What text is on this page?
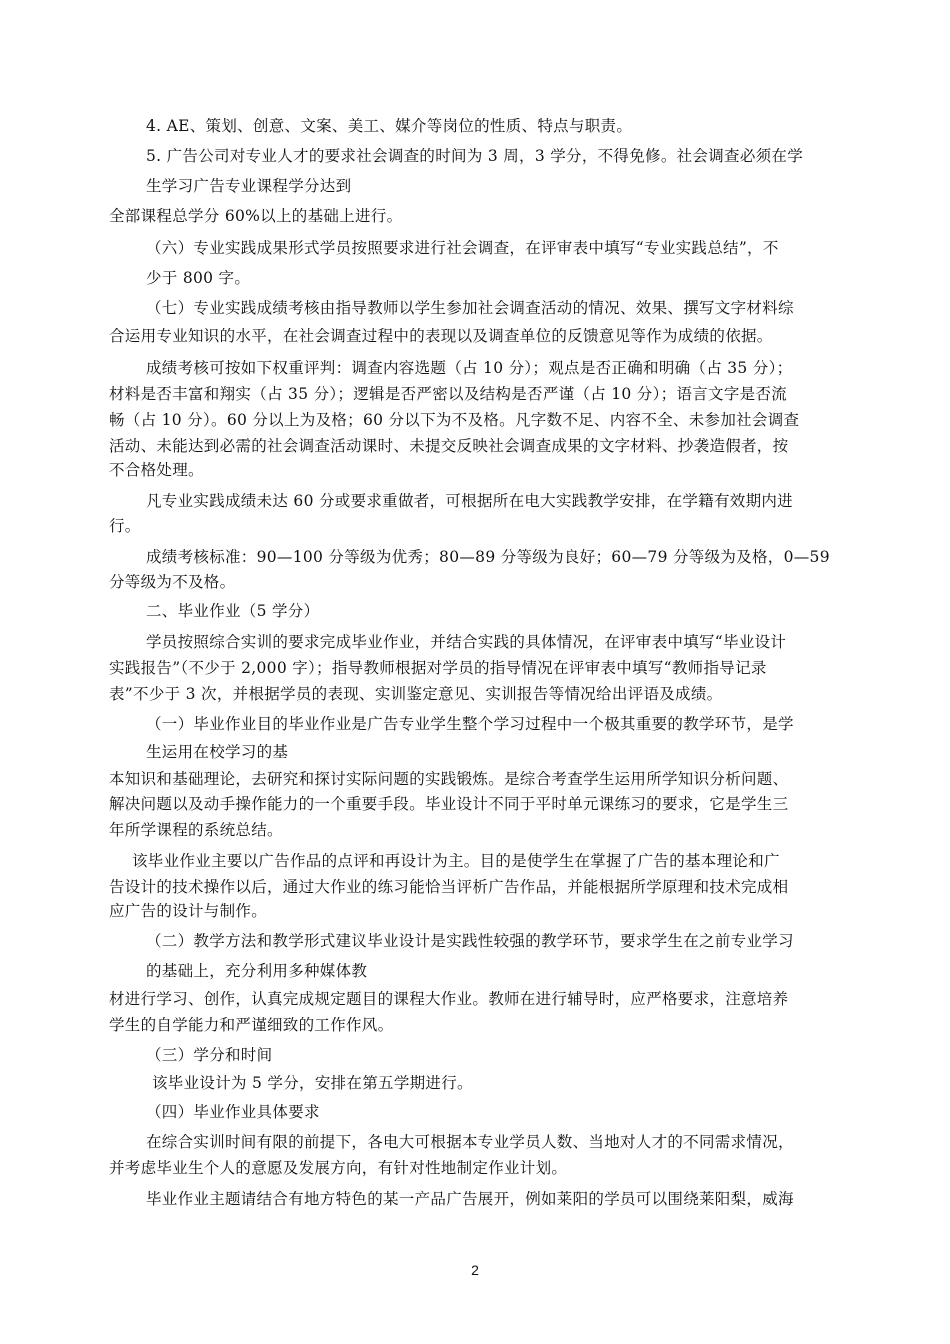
4. AE、策划、创意、文案、美工、媒介等岗位的性质、特点与职责。
5. 广告公司对专业人才的要求社会调查的时间为 3 周，3 学分，不得免修。社会调查必须在学
生学习广告专业课程学分达到
全部课程总学分 60%以上的基础上进行。
（六）专业实践成果形式学员按照要求进行社会调查，在评审表中填写“专业实践总结”，不
少于 800 字。
（七）专业实践成绩考核由指导教师以学生参加社会调查活动的情况、效果、撰写文字材料综
合运用专业知识的水平，在社会调查过程中的表现以及调查单位的反馈意见等作为成绩的依据。
成绩考核可按如下权重评判：调查内容选题（占 10 分）；观点是否正确和明确（占 35 分）；
材料是否丰富和翔实（占 35 分）；逻辑是否严密以及结构是否严谨（占 10 分）；语言文字是否流
畅（占 10 分）。60 分以上为及格；60 分以下为不及格。凡字数不足、内容不全、未参加社会调查
活动、未能达到必需的社会调查活动课时、未提交反映社会调查成果的文字材料、抄袭造假者，按
不合格处理。
凡专业实践成绩未达 60 分或要求重做者，可根据所在电大实践教学安排，在学籍有效期内进
行。
成绩考核标准：90—100 分等级为优秀；80—89 分等级为良好；60—79 分等级为及格，0—59
分等级为不及格。
二、毕业作业（5 学分）
学员按照综合实训的要求完成毕业作业，并结合实践的具体情况，在评审表中填写“毕业设计
实践报告”（不少于 2,000 字）；指导教师根据对学员的指导情况在评审表中填写“教师指导记录
表”不少于 3 次，并根据学员的表现、实训鉴定意见、实训报告等情况给出评语及成绩。
（一）毕业作业目的毕业作业是广告专业学生整个学习过程中一个极其重要的教学环节，是学
生运用在校学习的基
本知识和基础理论，去研究和探讨实际问题的实践锻炼。是综合考查学生运用所学知识分析问题、
解决问题以及动手操作能力的一个重要手段。毕业设计不同于平时单元课练习的要求，它是学生三
年所学课程的系统总结。
该毕业作业主要以广告作品的点评和再设计为主。目的是使学生在掌握了广告的基本理论和广
告设计的技术操作以后，通过大作业的练习能恰当评析广告作品，并能根据所学原理和技术完成相
应广告的设计与制作。
（二）教学方法和教学形式建议毕业设计是实践性较强的教学环节，要求学生在之前专业学习
的基础上，充分利用多种媒体教
材进行学习、创作，认真完成规定题目的课程大作业。教师在进行辅导时，应严格要求，注意培养
学生的自学能力和严谨细致的工作作风。
（三）学分和时间
该毕业设计为 5 学分，安排在第五学期进行。
（四）毕业作业具体要求
在综合实训时间有限的前提下，各电大可根据本专业学员人数、当地对人才的不同需求情况，
并考虑毕业生个人的意愿及发展方向，有针对性地制定作业计划。
毕业作业主题请结合有地方特色的某一产品广告展开，例如莱阳的学员可以围绕莱阳梨，威海
2
